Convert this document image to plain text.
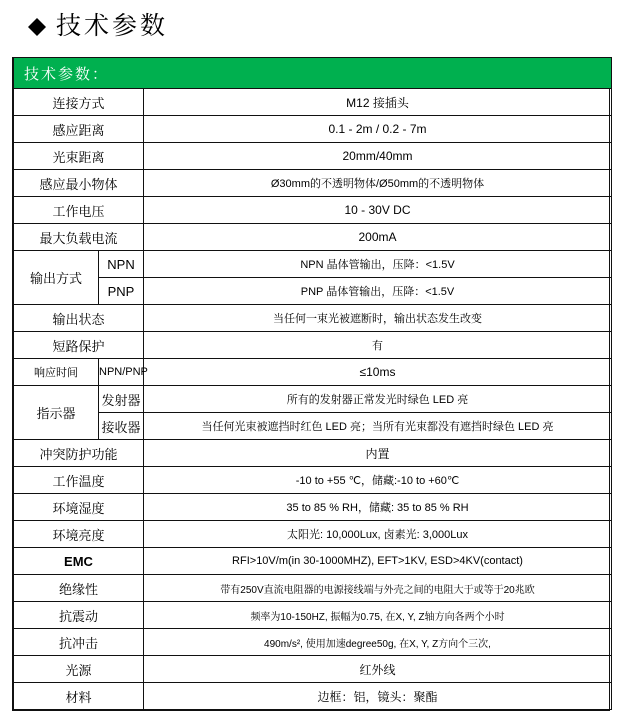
技术参数
技术参数：		
连接方式		M12 接插头
感应距离		0.1 - 2m / 0.2 - 7m
光束距离		20mm/40mm
感应最小物体		Ø30mm的不透明物体/Ø50mm的不透明物体
工作电压		10 - 30V DC
最大负载电流		200mA
输出方式	NPN	NPN 晶体管输出，压降：<1.5V
	PNP	PNP 晶体管输出，压降：<1.5V
输出状态		当任何一束光被遮断时，输出状态发生改变
短路保护		有
响应时间	NPN/PNP	≤10ms
指示器	发射器	所有的发射器正常发光时绿色 LED 亮
	接收器	当任何光束被遮挡时红色 LED 亮；当所有光束都没有遮挡时绿色 LED 亮
冲突防护功能		内置
工作温度		-10 to +55 ℃，储藏:-10 to +60℃
环境湿度		35 to 85 % RH，储藏: 35 to 85 % RH
环境亮度		太阳光: 10,000Lux, 卤素光: 3,000Lux
EMC		RFI>10V/m(in 30-1000MHZ), EFT>1KV, ESD>4KV(contact)
绝缘性		带有250V直流电阻器的电源接线端与外壳之间的电阻大于或等于20兆欧
抗震动		频率为10-150HZ, 振幅为0.75, 在X, Y, Z轴方向各两个小时
抗冲击		490m/s², 使用加速degree50g, 在X, Y, Z方向个三次,
光源		红外线
材料		边框：铝，镜头：聚酯
